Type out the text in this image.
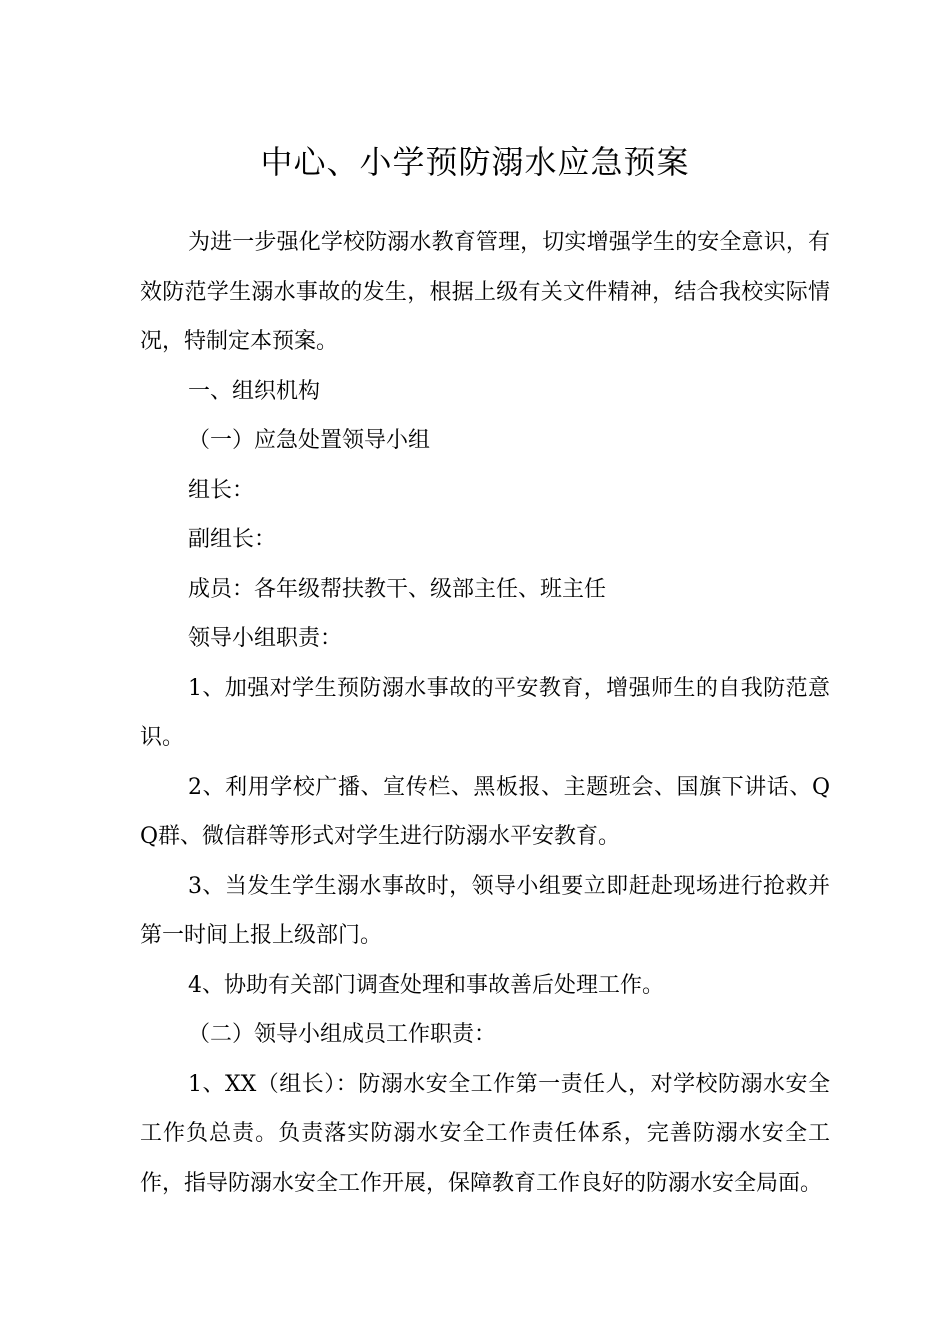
中心、小学预防溺水应急预案

为进一步强化学校防溺水教育管理，切实增强学生的安全意识，有效防范学生溺水事故的发生，根据上级有关文件精神，结合我校实际情况，特制定本预案。

一、组织机构

（一）应急处置领导小组

组长：

副组长：

成员：各年级帮扶教干、级部主任、班主任

领导小组职责：

1、加强对学生预防溺水事故的平安教育，增强师生的自我防范意识。

2、利用学校广播、宣传栏、黑板报、主题班会、国旗下讲话、QQ群、微信群等形式对学生进行防溺水平安教育。

3、当发生学生溺水事故时，领导小组要立即赶赴现场进行抢救并第一时间上报上级部门。

4、协助有关部门调查处理和事故善后处理工作。

（二）领导小组成员工作职责：

1、XX（组长）：防溺水安全工作第一责任人，对学校防溺水安全工作负总责。负责落实防溺水安全工作责任体系，完善防溺水安全工作，指导防溺水安全工作开展，保障教育工作良好的防溺水安全局面。
